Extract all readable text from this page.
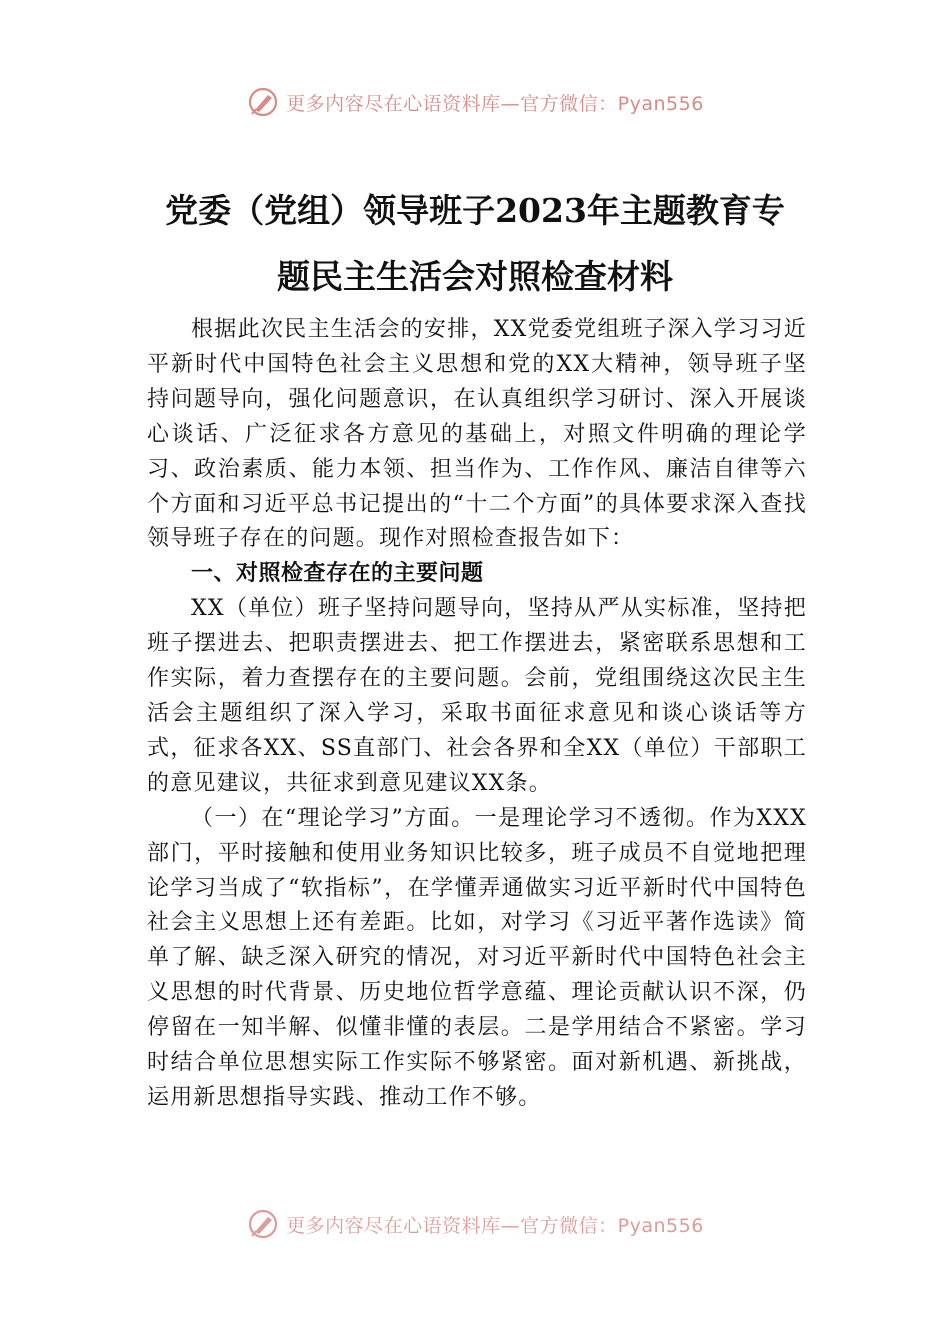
更多内容尽在心语资料库—官方微信：Pyan556
党委（党组）领导班子2023年主题教育专
题民主生活会对照检查材料

根据此次民主生活会的安排，XX党委党组班子深入学习习近平新时代中国特色社会主义思想和党的XX大精神，领导班子坚持问题导向，强化问题意识，在认真组织学习研讨、深入开展谈心谈话、广泛征求各方意见的基础上，对照文件明确的理论学习、政治素质、能力本领、担当作为、工作作风、廉洁自律等六个方面和习近平总书记提出的“十二个方面”的具体要求深入查找领导班子存在的问题。现作对照检查报告如下：

一、对照检查存在的主要问题

XX（单位）班子坚持问题导向，坚持从严从实标准，坚持把班子摆进去、把职责摆进去、把工作摆进去，紧密联系思想和工作实际，着力查摆存在的主要问题。会前，党组围绕这次民主生活会主题组织了深入学习，采取书面征求意见和谈心谈话等方式，征求各XX、SS直部门、社会各界和全XX（单位）干部职工的意见建议，共征求到意见建议XX条。

（一）在“理论学习”方面。一是理论学习不透彻。作为XXX部门，平时接触和使用业务知识比较多，班子成员不自觉地把理论学习当成了“软指标”，在学懂弄通做实习近平新时代中国特色社会主义思想上还有差距。比如，对学习《习近平著作选读》简单了解、缺乏深入研究的情况，对习近平新时代中国特色社会主义思想的时代背景、历史地位哲学意蕴、理论贡献认识不深，仍停留在一知半解、似懂非懂的表层。二是学用结合不紧密。学习时结合单位思想实际工作实际不够紧密。面对新机遇、新挑战，运用新思想指导实践、推动工作不够。

更多内容尽在心语资料库—官方微信：Pyan556
